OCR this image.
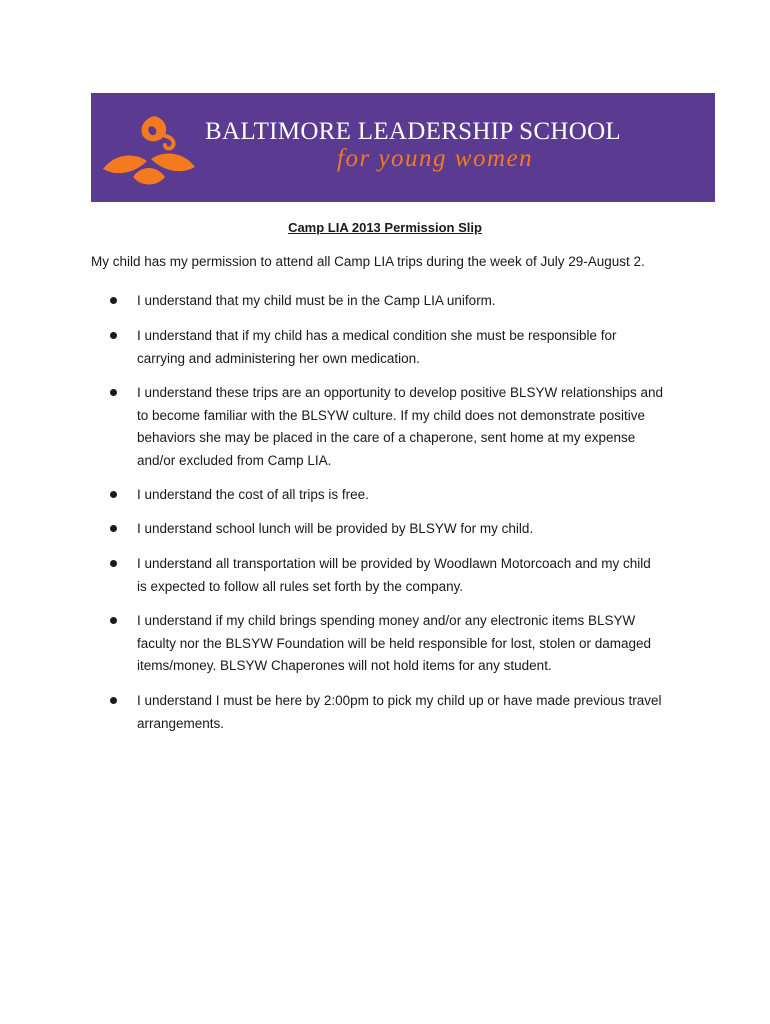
BALTIMORE LEADERSHIP SCHOOL
for young women
Camp LIA 2013 Permission Slip
My child has my permission to attend all Camp LIA trips during the week of July 29-August 2.
I understand that my child must be in the Camp LIA uniform.
I understand that if my child has a medical condition she must be responsible for
carrying and administering her own medication.
I understand these trips are an opportunity to develop positive BLSYW relationships and
to become familiar with the BLSYW culture. If my child does not demonstrate positive
behaviors she may be placed in the care of a chaperone, sent home at my expense
and/or excluded from Camp LIA.
I understand the cost of all trips is free.
I understand school lunch will be provided by BLSYW for my child.
I understand all transportation will be provided by Woodlawn Motorcoach and my child
is expected to follow all rules set forth by the company.
I understand if my child brings spending money and/or any electronic items BLSYW
faculty nor the BLSYW Foundation will be held responsible for lost, stolen or damaged
items/money. BLSYW Chaperones will not hold items for any student.
I understand I must be here by 2:00pm to pick my child up or have made previous travel
arrangements.
